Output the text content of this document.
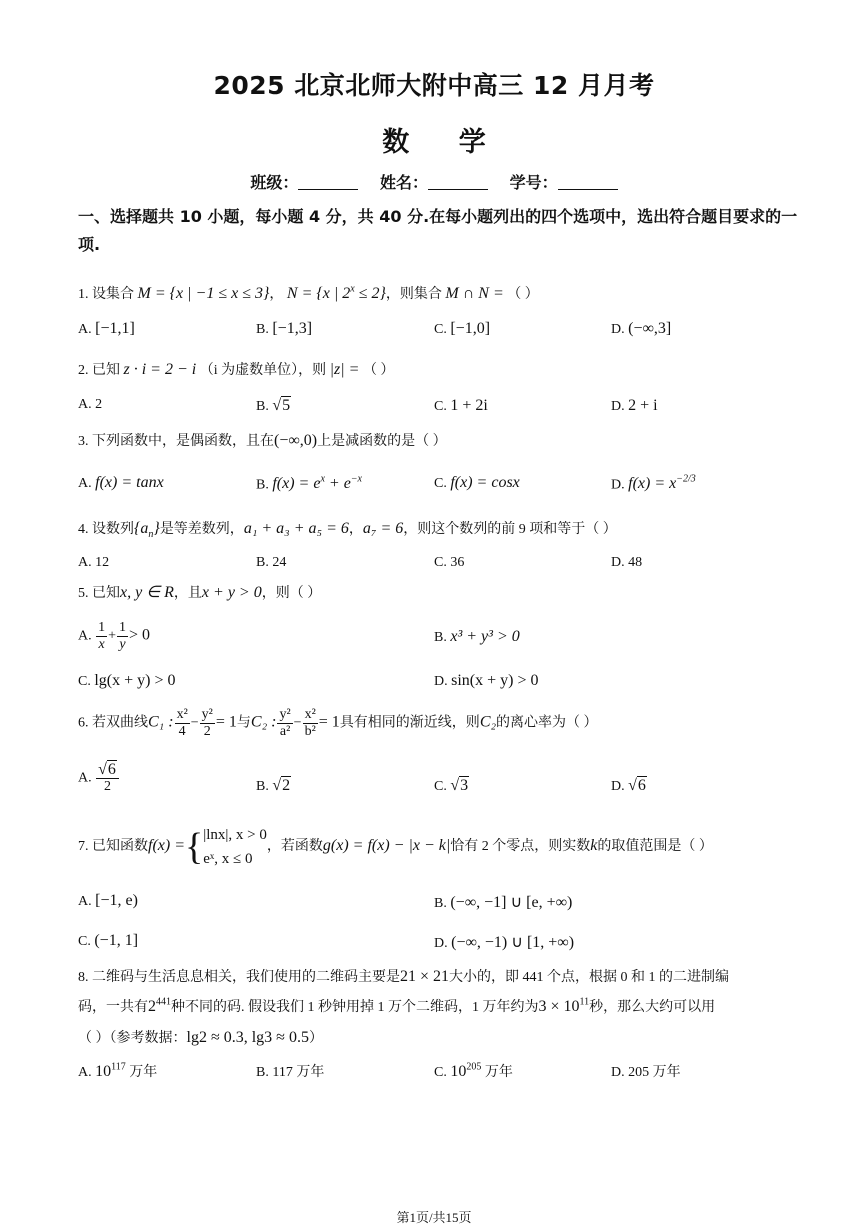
2025 北京北师大附中高三 12 月月考
数 学
班级：	姓名：	学号：
一、选择题共 10 小题，每小题 4 分，共 40 分.在每小题列出的四个选项中，选出符合题目要求的一项.
1. 设集合 M = {x | −1 ≤ x ≤ 3}， N = {x | $2^x \le 2$}，则集合 M ∩ N = （ ）
A. [−1,1]	B. [−1,3]	C. [−1,0]	D. (−∞,3]
2. 已知 z · i = 2 − i （i 为虚数单位），则 |z| = （ ）
A. 2	B. √5	C. 1 + 2i	D. 2 + i
3. 下列函数中，是偶函数，且在(−∞,0)上是减函数的是（ ）
A. f(x) = tanx	B. $f(x) = e^x + e^{-x}$	C. f(x) = cosx	D. $f(x) = x^{-2/3}$
4. 设数列$\{a_n\}$是等差数列，a₁ + a₃ + a₅ = 6，a₇ = 6，则这个数列的前 9 项和等于（ ）
A. 12	B. 24	C. 36	D. 48
5. 已知x, y ∈ R，且x + y > 0，则（ ）
A. $\frac{1}{x} + \frac{1}{y} > 0$	B. x³ + y³ > 0
C. lg(x + y) > 0	D. sin(x + y) > 0
6. 若双曲线C₁ : $\frac{\text{x²}}{4} - \frac{\text{y²}}{2} = 1$与C₂ : $\frac{\text{y²}}{\text{a²}} - \frac{\text{x²}}{\text{b²}} = 1$具有相同的渐近线，则C₂的离心率为（ ）
A. $\frac{√6}{2}$	B. √2	C. √3	D. √6
7. 已知函数f(x) ={ |lnx|, x > 0
eˣ, x ≤ 0
，若函数g(x) = f(x) − |x − k|恰有 2 个零点，则实数k的取值范围是（ ）
A. [−1, e)	B. (−∞, −1] ∪ [e, +∞)
C. (−1, 1]	D. (−∞, −1) ∪ [1, +∞)
8. 二维码与生活息息相关，我们使用的二维码主要是21 × 21大小的，即 441 个点，根据 0 和 1 的二进制编
码，一共有$2^{441}$种不同的码. 假设我们 1 秒钟用掉 1 万个二维码，1 万年约为$3 \times 10^{11}$秒，那么大约可以用
（ ）（参考数据：lg2 ≈ 0.3, lg3 ≈ 0.5）
A. $10^{117}$ 万年	B. 117 万年	C. $10^{205}$ 万年	D. 205 万年
第1页/共15页
